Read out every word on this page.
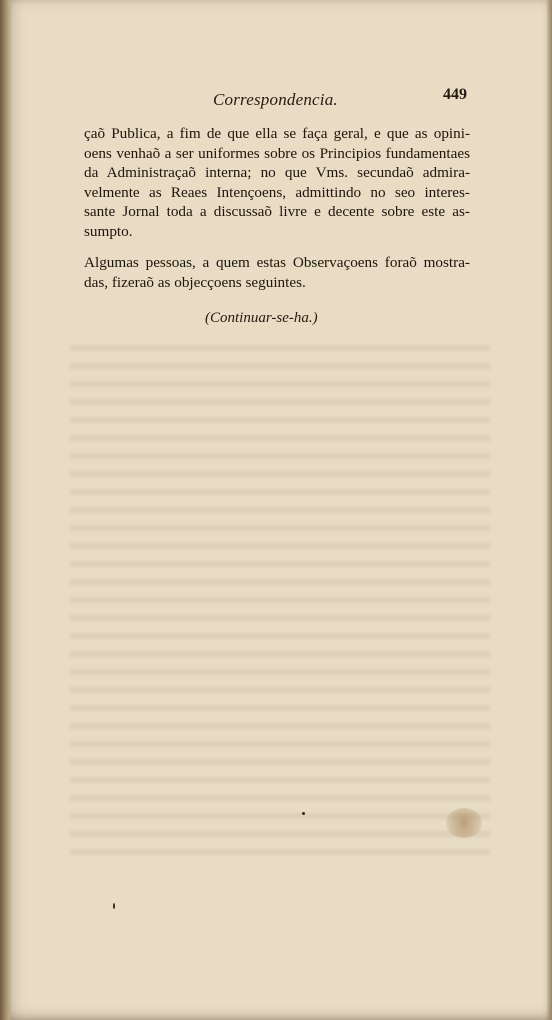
Correspondencia.	449
çaõ Publica, a fim de que ella se faça geral, e que as opini-
oens venhaõ a ser uniformes sobre os Principios fundamentaes
da Administraçaõ interna; no que Vms. secundaõ admira-
velmente as Reaes Intençoens, admittindo no seo interes-
sante Jornal toda a discussaõ livre e decente sobre este as-
sumpto.
Algumas pessoas, a quem estas Observaçoens foraõ mostra-
das, fizeraõ as objecçoens seguintes.
(Continuar-se-ha.)
